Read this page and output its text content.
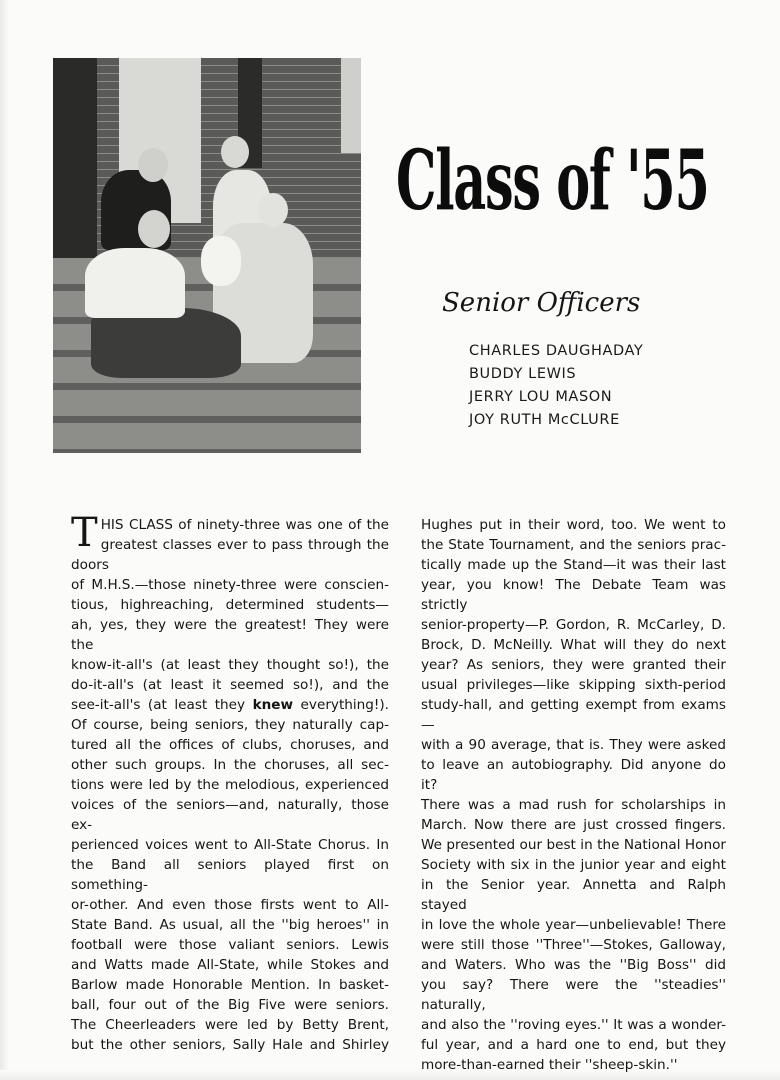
Class of '55
Senior Officers
CHARLES DAUGHADAY
BUDDY LEWIS
JERRY LOU MASON
JOY RUTH McCLURE
T HIS CLASS of ninety-three was one of the
greatest classes ever to pass through the doors
of M.H.S.—those ninety-three were conscien-
tious, highreaching, determined students—
ah, yes, they were the greatest! They were the
know-it-all's (at least they thought so!), the
do-it-all's (at least it seemed so!), and the
see-it-all's (at least they knew everything!).
Of course, being seniors, they naturally cap-
tured all the offices of clubs, choruses, and
other such groups. In the choruses, all sec-
tions were led by the melodious, experienced
voices of the seniors—and, naturally, those ex-
perienced voices went to All-State Chorus. In
the Band all seniors played first on something-
or-other. And even those firsts went to All-
State Band. As usual, all the ''big heroes'' in
football were those valiant seniors. Lewis
and Watts made All-State, while Stokes and
Barlow made Honorable Mention. In basket-
ball, four out of the Big Five were seniors.
The Cheerleaders were led by Betty Brent,
but the other seniors, Sally Hale and Shirley
Hughes put in their word, too. We went to
the State Tournament, and the seniors prac-
tically made up the Stand—it was their last
year, you know! The Debate Team was strictly
senior-property—P. Gordon, R. McCarley, D.
Brock, D. McNeilly. What will they do next
year? As seniors, they were granted their
usual privileges—like skipping sixth-period
study-hall, and getting exempt from exams—
with a 90 average, that is. They were asked
to leave an autobiography. Did anyone do it?
There was a mad rush for scholarships in
March. Now there are just crossed fingers.
We presented our best in the National Honor
Society with six in the junior year and eight
in the Senior year. Annetta and Ralph stayed
in love the whole year—unbelievable! There
were still those ''Three''—Stokes, Galloway,
and Waters. Who was the ''Big Boss'' did
you say? There were the ''steadies'' naturally,
and also the ''roving eyes.'' It was a wonder-
ful year, and a hard one to end, but they
more-than-earned their ''sheep-skin.''
